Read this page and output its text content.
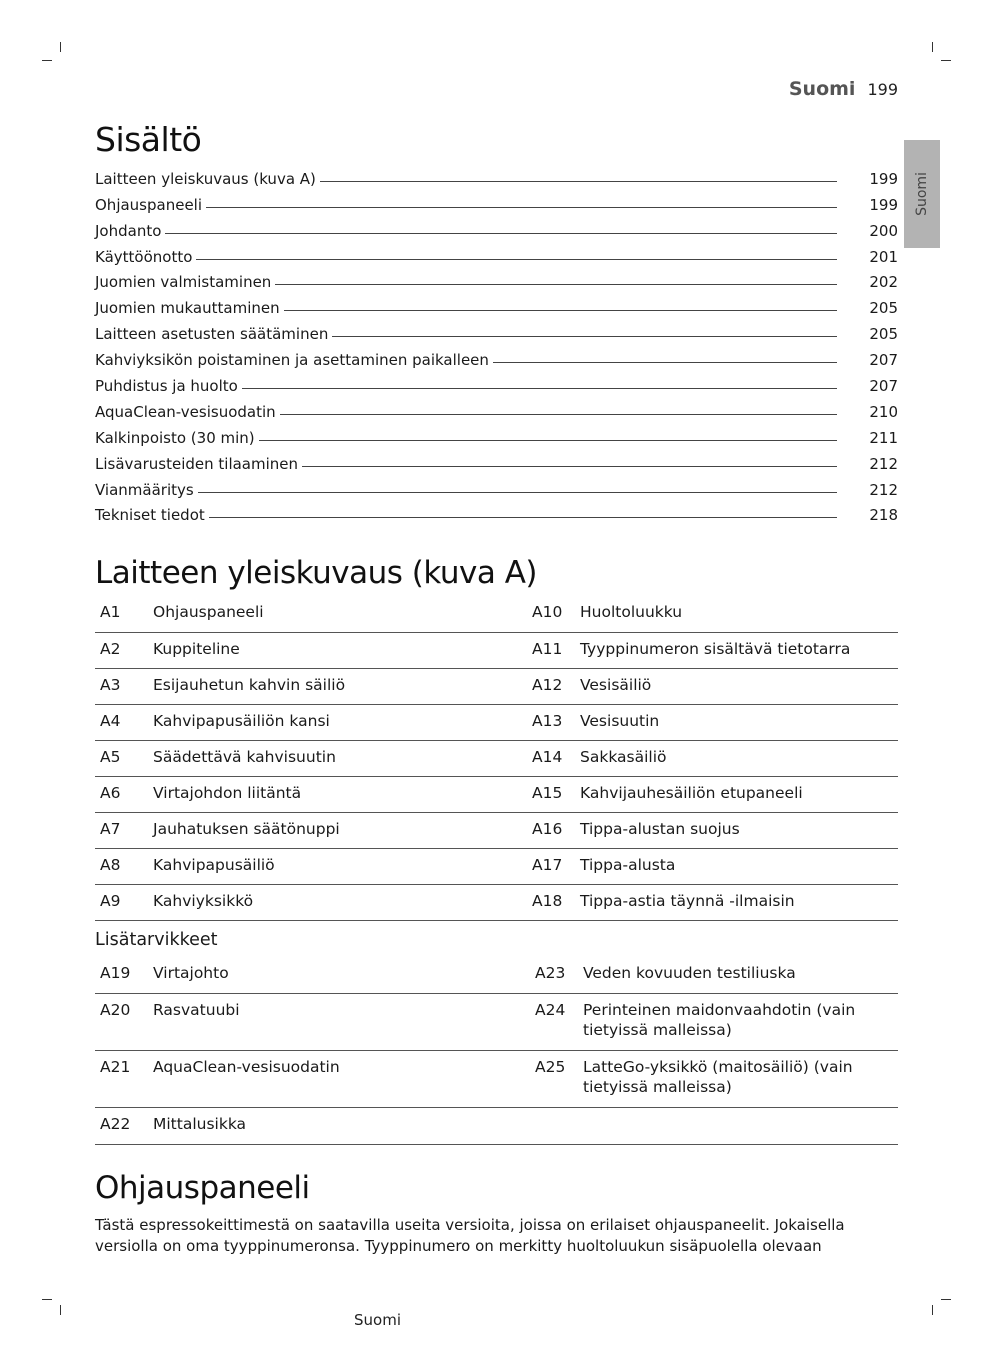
Suomi 199
Suomi
Sisältö
Laitteen yleiskuvaus (kuva A)	199
Ohjauspaneeli	199
Johdanto	200
Käyttöönotto	201
Juomien valmistaminen	202
Juomien mukauttaminen	205
Laitteen asetusten säätäminen	205
Kahviyksikön poistaminen ja asettaminen paikalleen	207
Puhdistus ja huolto	207
AquaClean-vesisuodatin	210
Kalkinpoisto (30 min)	211
Lisävarusteiden tilaaminen	212
Vianmääritys	212
Tekniset tiedot	218
Laitteen yleiskuvaus (kuva A)
A1	Ohjauspaneeli	A10	Huoltoluukku
A2	Kuppiteline	A11	Tyyppinumeron sisältävä tietotarra
A3	Esijauhetun kahvin säiliö	A12	Vesisäiliö
A4	Kahvipapusäiliön kansi	A13	Vesisuutin
A5	Säädettävä kahvisuutin	A14	Sakkasäiliö
A6	Virtajohdon liitäntä	A15	Kahvijauhesäiliön etupaneeli
A7	Jauhatuksen säätönuppi	A16	Tippa-alustan suojus
A8	Kahvipapusäiliö	A17	Tippa-alusta
A9	Kahviyksikkö	A18	Tippa-astia täynnä -ilmaisin
Lisätarvikkeet
A19	Virtajohto	A23	Veden kovuuden testiliuska
A20	Rasvatuubi	A24	Perinteinen maidonvaahdotin (vain tietyissä malleissa)
A21	AquaClean-vesisuodatin	A25	LatteGo-yksikkö (maitosäiliö) (vain tietyissä malleissa)
A22	Mittalusikka		
Ohjauspaneeli
Tästä espressokeittimestä on saatavilla useita versioita, joissa on erilaiset ohjauspaneelit. Jokaisella versiolla on oma tyyppinumeronsa. Tyyppinumero on merkitty huoltoluukun sisäpuolella olevaan
Suomi
